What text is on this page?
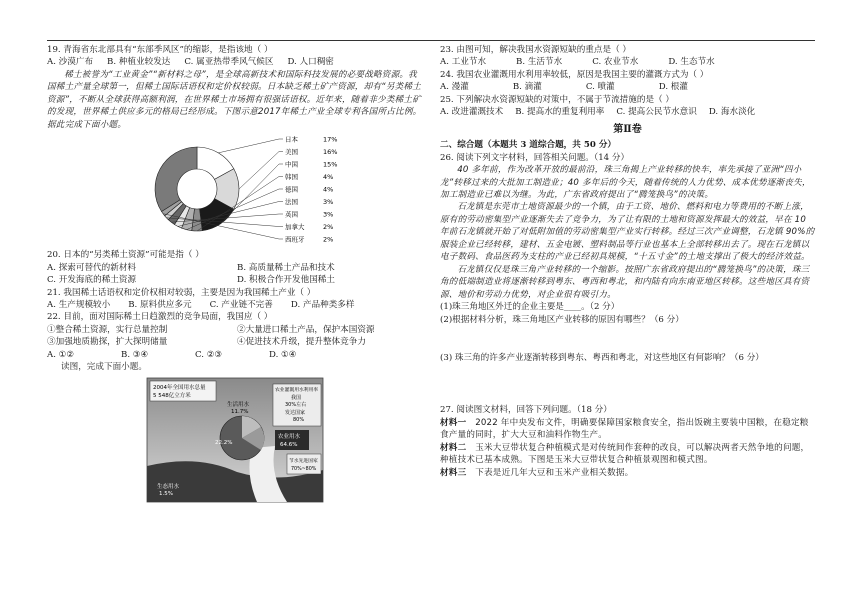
19. 青海省东北部具有“东部季风区”的缩影，是指该地（ ）

A. 沙漠广布 B. 种植业较发达 C. 属亚热带季风气候区 D. 人口稠密

稀土被誉为“工业黄金”“新材料之母”，是全球高新技术和国际科技发展的必要战略资源。我国稀土产量全球第一，但稀土国际话语权和定价权较弱。日本缺乏稀土矿产资源，却有“另类稀土资源”，不断从全球获得高额利润，在世界稀土市场拥有很强话语权。近年来，随着非少类稀土矿的发现，世界稀土供应多元的格局已经形成。下图示意2017年稀土产业全球专利各国所占比例。据此完成下面小题。

其他
34%
日本	17%
美国	16%
中国	15%
韩国	4%
德国	4%
法国	3%
英国	3%
加拿大	2%
西班牙	2%

20. 日本的“另类稀土资源”可能是指（ ）

A. 探索可替代的新材料	B. 高质量稀土产品和技术
C. 开发海底的稀土资源	D. 积极合作开发他国稀土

21. 我国稀土话语权和定价权相对较弱，主要是因为我国稀土产业（ ）

A. 生产规模较小 B. 原料供应多元 C. 产业链不完善 D. 产品种类多样

22. 目前，面对国际稀土日趋激烈的竞争局面，我国应（ ）

①整合稀土资源，实行总量控制	②大量进口稀土产品，保护本国资源
③加强地质勘探，扩大探明储量	④促进技术升级，提升整体竞争力
A. ①②	B. ③④	C. ②③	D. ①④

读图，完成下面小题。

2004年全国用水总量
5 548亿立方米
生活用水
11.7%
22.2%
农业灌溉用水利用率
我国
30%左右
发达国家
80%
农业用水
64.6%
节水先进国家
70%~80%
生态用水
1.5%

23. 由图可知，解决我国水资源短缺的重点是（ ）

A. 工业节水	B. 生活节水	C. 农业节水	D. 生态节水

24. 我国农业灌溉用水利用率较低，原因是我国主要的灌溉方式为（ ）

A. 漫灌	B. 滴灌	C. 喷灌	D. 根灌

25. 下列解决水资源短缺的对策中，不属于节流措施的是（ ）

A. 改进灌溉技术 B. 提高水的重复利用率 C. 提高公民节水意识 D. 海水淡化
第Ⅱ卷

二、综合题（本题共 3 道综合题，共 50 分）

26. 阅读下列文字材料，回答相关问题。（14 分）

40 多年前，作为改革开放的最前沿，珠三角揭上产业转移的快车，率先承接了亚洲“四小龙”转移过来的大批加工制造业；40 多年后的今天，随着传统的人力优势、成本优势逐渐丧失，加工制造业已难以为继。为此，广东省政府提出了“腾笼换鸟”的决策。

石龙镇是东莞市土地资源最少的一个镇，由于工资、地价、燃料和电力等费用的不断上涨，原有的劳动密集型产业逐渐失去了竞争力，为了让有限的土地和资源发挥最大的效益，早在 10 年前石龙镇就开始了对低附加值的劳动密集型产业实行转移。经过三次产业调整，石龙镇 90%的服装企业已经转移，建材、五金电镀、塑料制品等行业也基本上全部转移出去了。现在石龙镇以电子数码、食品医药为支柱的产业已经初具规模，“十五寸金”的土地支撑出了极大的经济效益。

石龙镇仅仅是珠三角产业转移的一个缩影。按照广东省政府提出的“腾笼换鸟”的决策，珠三角的低端制造业将逐渐转移到粤东、粤西和粤北，和内陆有向东南亚地区转移。这些地区具有资源、地价和劳动力优势，对企业很有吸引力。

(1)珠三角地区外迁的企业主要是____。（2 分）

(2)根据材料分析，珠三角地区产业转移的原因有哪些？（6 分）

(3) 珠三角的许多产业逐渐转移到粤东、粤西和粤北，对这些地区有何影响？（6 分）

27. 阅读图文材料，回答下列问题。（18 分）

材料一　 2022 年中央发布文件，明确要保障国家粮食安全，指出饭碗主要装中国粮，在稳定粮食产量的同时，扩大大豆和油料作物生产。

材料二　 玉米大豆带状复合种植模式是对传统间作套种的改良，可以解决两者天然争地的问题，种植技术已基本成熟。下图是玉米大豆带状复合种植景观图和模式图。

材料三　 下表是近几年大豆和玉米产业相关数据。
